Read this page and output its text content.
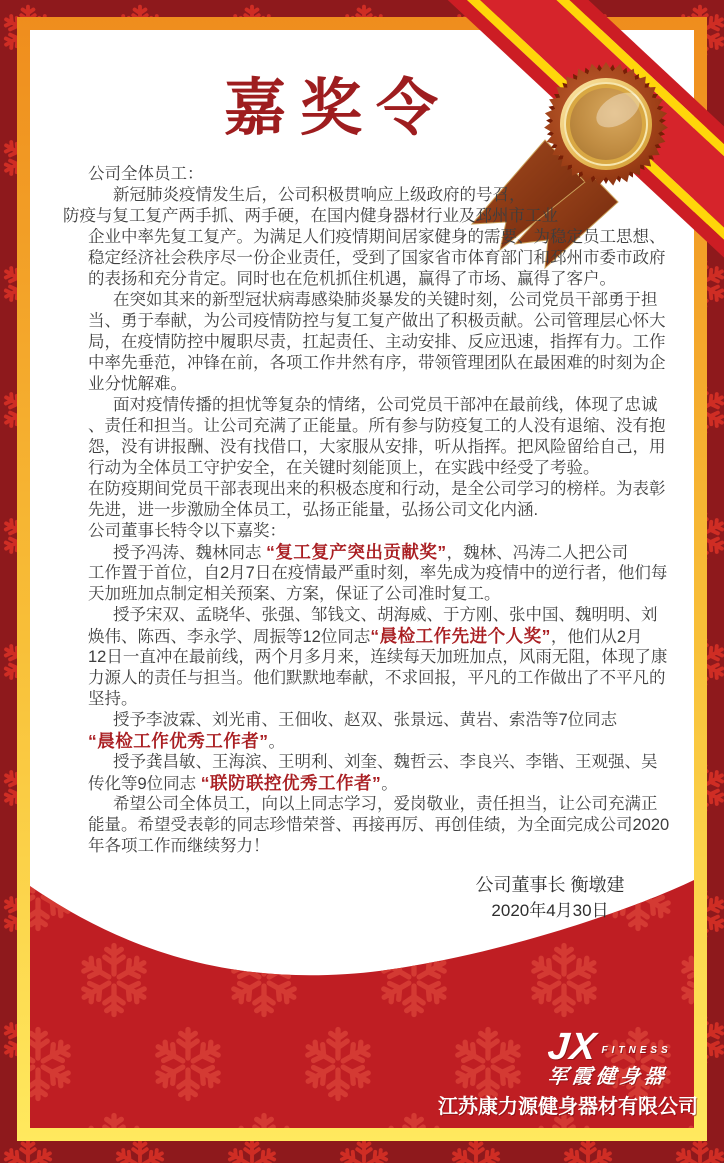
嘉奖令
公司全体员工：
新冠肺炎疫情发生后，公司积极贯响应上级政府的号召，
防疫与复工复产两手抓、两手硬，在国内健身器材行业及邳州市工业
企业中率先复工复产。为满足人们疫情期间居家健身的需要、为稳定员工思想、
稳定经济社会秩序尽一份企业责任，受到了国家省市体育部门和邳州市委市政府
的表扬和充分肯定。同时也在危机抓住机遇，赢得了市场、赢得了客户。
在突如其来的新型冠状病毒感染肺炎暴发的关键时刻，公司党员干部勇于担
当、勇于奉献，为公司疫情防控与复工复产做出了积极贡献。公司管理层心怀大
局，在疫情防控中履职尽责，扛起责任、主动安排、反应迅速，指挥有力。工作
中率先垂范，冲锋在前，各项工作井然有序，带领管理团队在最困难的时刻为企
业分忧解难。
面对疫情传播的担忧等复杂的情绪，公司党员干部冲在最前线，体现了忠诚
、责任和担当。让公司充满了正能量。所有参与防疫复工的人没有退缩、没有抱
怨，没有讲报酬、没有找借口，大家服从安排，听从指挥。把风险留给自己，用
行动为全体员工守护安全，在关键时刻能顶上，在实践中经受了考验。
在防疫期间党员干部表现出来的积极态度和行动，是全公司学习的榜样。为表彰
先进，进一步激励全体员工，弘扬正能量，弘扬公司文化内涵.
公司董事长特令以下嘉奖：
授予冯涛、魏林同志 “复工复产突出贡献奖”，魏林、冯涛二人把公司
工作置于首位，自2月7日在疫情最严重时刻，率先成为疫情中的逆行者，他们每
天加班加点制定相关预案、方案，保证了公司准时复工。
授予宋双、孟晓华、张强、邹钱文、胡海威、于方刚、张中国、魏明明、刘
焕伟、陈西、李永学、周振等12位同志“晨检工作先进个人奖”，他们从2月
12日一直冲在最前线，两个月多月来，连续每天加班加点，风雨无阻，体现了康
力源人的责任与担当。他们默默地奉献，不求回报，平凡的工作做出了不平凡的
坚持。
授予李波霖、刘光甫、王佃收、赵双、张景远、黄岩、索浩等7位同志
“晨检工作优秀工作者”。
授予龚昌敏、王海滨、王明利、刘奎、魏哲云、李良兴、李锴、王观强、吴
传化等9位同志 “联防联控优秀工作者”。
希望公司全体员工，向以上同志学习，爱岗敬业，责任担当，让公司充满正
能量。希望受表彰的同志珍惜荣誉、再接再厉、再创佳绩，为全面完成公司2020
年各项工作而继续努力！
公司董事长 衡墩建
2020年4月30日
JX FITNESS
军霞健身器
江苏康力源健身器材有限公司
